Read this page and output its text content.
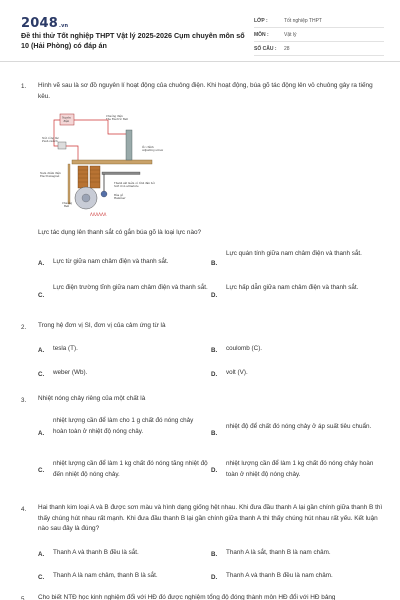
2048.vn
Đề thi thử Tốt nghiệp THPT Vật lý 2025-2026 Cụm chuyên môn số 10 (Hải Phòng) có đáp án
LỚP :	Tốt nghiệp THPT
MÔN :	Vật lý
SỐ CÂU : 28
1. Hình vẽ sau là sơ đồ nguyên lí hoạt động của chuông điện. Khi hoạt động, búa gõ tác động lên vỏ chuông gây ra tiếng kêu.
Nguồn
điện
Chuông điện
The Electric Bell
Nút công tắc
Push switch
Nam châm điện
Electromagnet
Ốc chỉnh
Adjusting screw
Thanh sắt mềm có tính đàn hồi
Soft iron armature
Búa gõ
Hammer
Chuông
Bell
ΛΛΛΛΛΛ
Lực tác dụng lên thanh sắt có gắn búa gõ là loại lực nào?
A. Lực từ giữa nam châm điện và thanh sắt.	B.
Lực quán tính giữa nam châm điện và thanh sắt.
C.
Lực điện trường tĩnh giữa nam châm điện và thanh sắt.
D.
Lực hấp dẫn giữa nam châm điện và thanh sắt.
2. Trong hệ đơn vị SI, đơn vị của cảm ứng từ là
A. tesla (T).	B. coulomb (C).
C. weber (Wb).	D. volt (V).
3. Nhiệt nóng chảy riêng của một chất là
A.
nhiệt lượng cần để làm cho 1 g chất đó nóng chảy hoàn toàn ở nhiệt độ nóng chảy.	B.
nhiệt độ để chất đó nóng chảy ở áp suất tiêu chuẩn.
C.
nhiệt lượng cần để làm 1 kg chất đó nóng tăng nhiệt độ đến nhiệt độ nóng chảy.	D.
nhiệt lượng cần để làm 1 kg chất đó nóng chảy hoàn toàn ở nhiệt độ nóng chảy.
4. Hai thanh kim loại A và B được sơn màu và hình dạng giống hệt nhau. Khi đưa đầu thanh A lại gần chính giữa thanh B thì thấy chúng hút nhau rất mạnh. Khi đưa đầu thanh B lại gần chính giữa thanh A thì thấy chúng hút nhau rất yếu. Kết luận nào sau đây là đúng?
A. Thanh A và thanh B đều là sắt.	B. Thanh A là sắt, thanh B là nam châm.
C. Thanh A là nam châm, thanh B là sắt.	D. Thanh A và thanh B đều là nam châm.
5. Cho biết NTĐ học kinh nghiệm đổi với HĐ đó được nghiệm tổng độ đóng thành môn HĐ đổi với HĐ bảng
